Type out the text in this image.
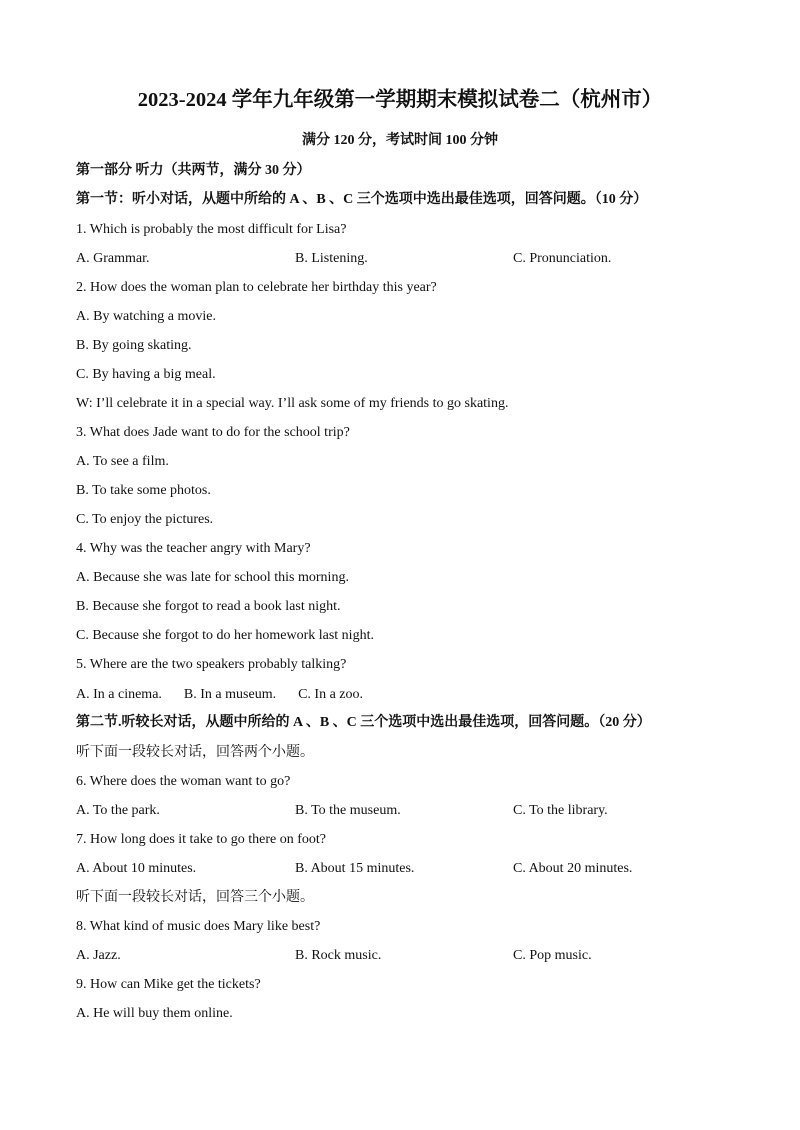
2023-2024 学年九年级第一学期期末模拟试卷二（杭州市）
满分 120 分，考试时间 100 分钟
第一部分 听力（共两节，满分 30 分）
第一节：听小对话，从题中所给的 A 、B 、C 三个选项中选出最佳选项，回答问题。（10 分）
1. Which is probably the most difficult for Lisa?
A. Grammar.	B. Listening.	C. Pronunciation.
2. How does the woman plan to celebrate her birthday this year?
A. By watching a movie.
B. By going skating.
C. By having a big meal.
W: I’ll celebrate it in a special way. I’ll ask some of my friends to go skating.
3. What does Jade want to do for the school trip?
A. To see a film.
B. To take some photos.
C. To enjoy the pictures.
4. Why was the teacher angry with Mary?
A. Because she was late for school this morning.
B. Because she forgot to read a book last night.
C. Because she forgot to do her homework last night.
5. Where are the two speakers probably talking?
A. In a cinema. B. In a museum. C. In a zoo.
第二节.听较长对话，从题中所给的 A 、B 、C 三个选项中选出最佳选项，回答问题。（20 分）
听下面一段较长对话，回答两个小题。
6. Where does the woman want to go?
A. To the park.	B. To the museum.	C. To the library.
7. How long does it take to go there on foot?
A. About 10 minutes.	B. About 15 minutes.	C. About 20 minutes.
听下面一段较长对话，回答三个小题。
8. What kind of music does Mary like best?
A. Jazz.	B. Rock music.	C. Pop music.
9. How can Mike get the tickets?
A. He will buy them online.
